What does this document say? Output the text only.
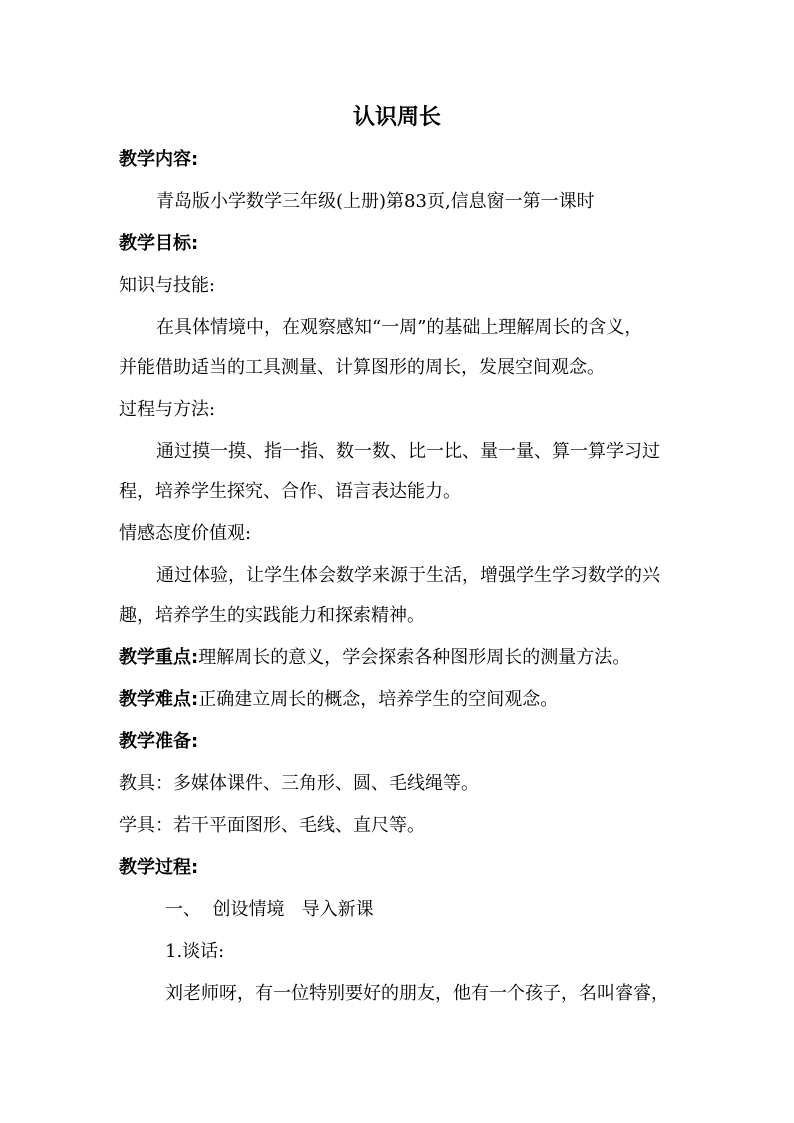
认识周长
教学内容:
青岛版小学数学三年级(上册)第83页,信息窗一第一课时
教学目标:
知识与技能:
在具体情境中，在观察感知“一周”的基础上理解周长的含义，
并能借助适当的工具测量、计算图形的周长，发展空间观念。
过程与方法:
通过摸一摸、指一指、数一数、比一比、量一量、算一算学习过
程，培养学生探究、合作、语言表达能力。
情感态度价值观:
通过体验，让学生体会数学来源于生活，增强学生学习数学的兴
趣，培养学生的实践能力和探索精神。
教学重点:理解周长的意义，学会探索各种图形周长的测量方法。
教学难点:正确建立周长的概念，培养学生的空间观念。
教学准备:
教具：多媒体课件、三角形、圆、毛线绳等。
学具：若干平面图形、毛线、直尺等。
教学过程:
一、  创设情境   导入新课
1.谈话:
刘老师呀，有一位特别要好的朋友，他有一个孩子，名叫睿睿，
